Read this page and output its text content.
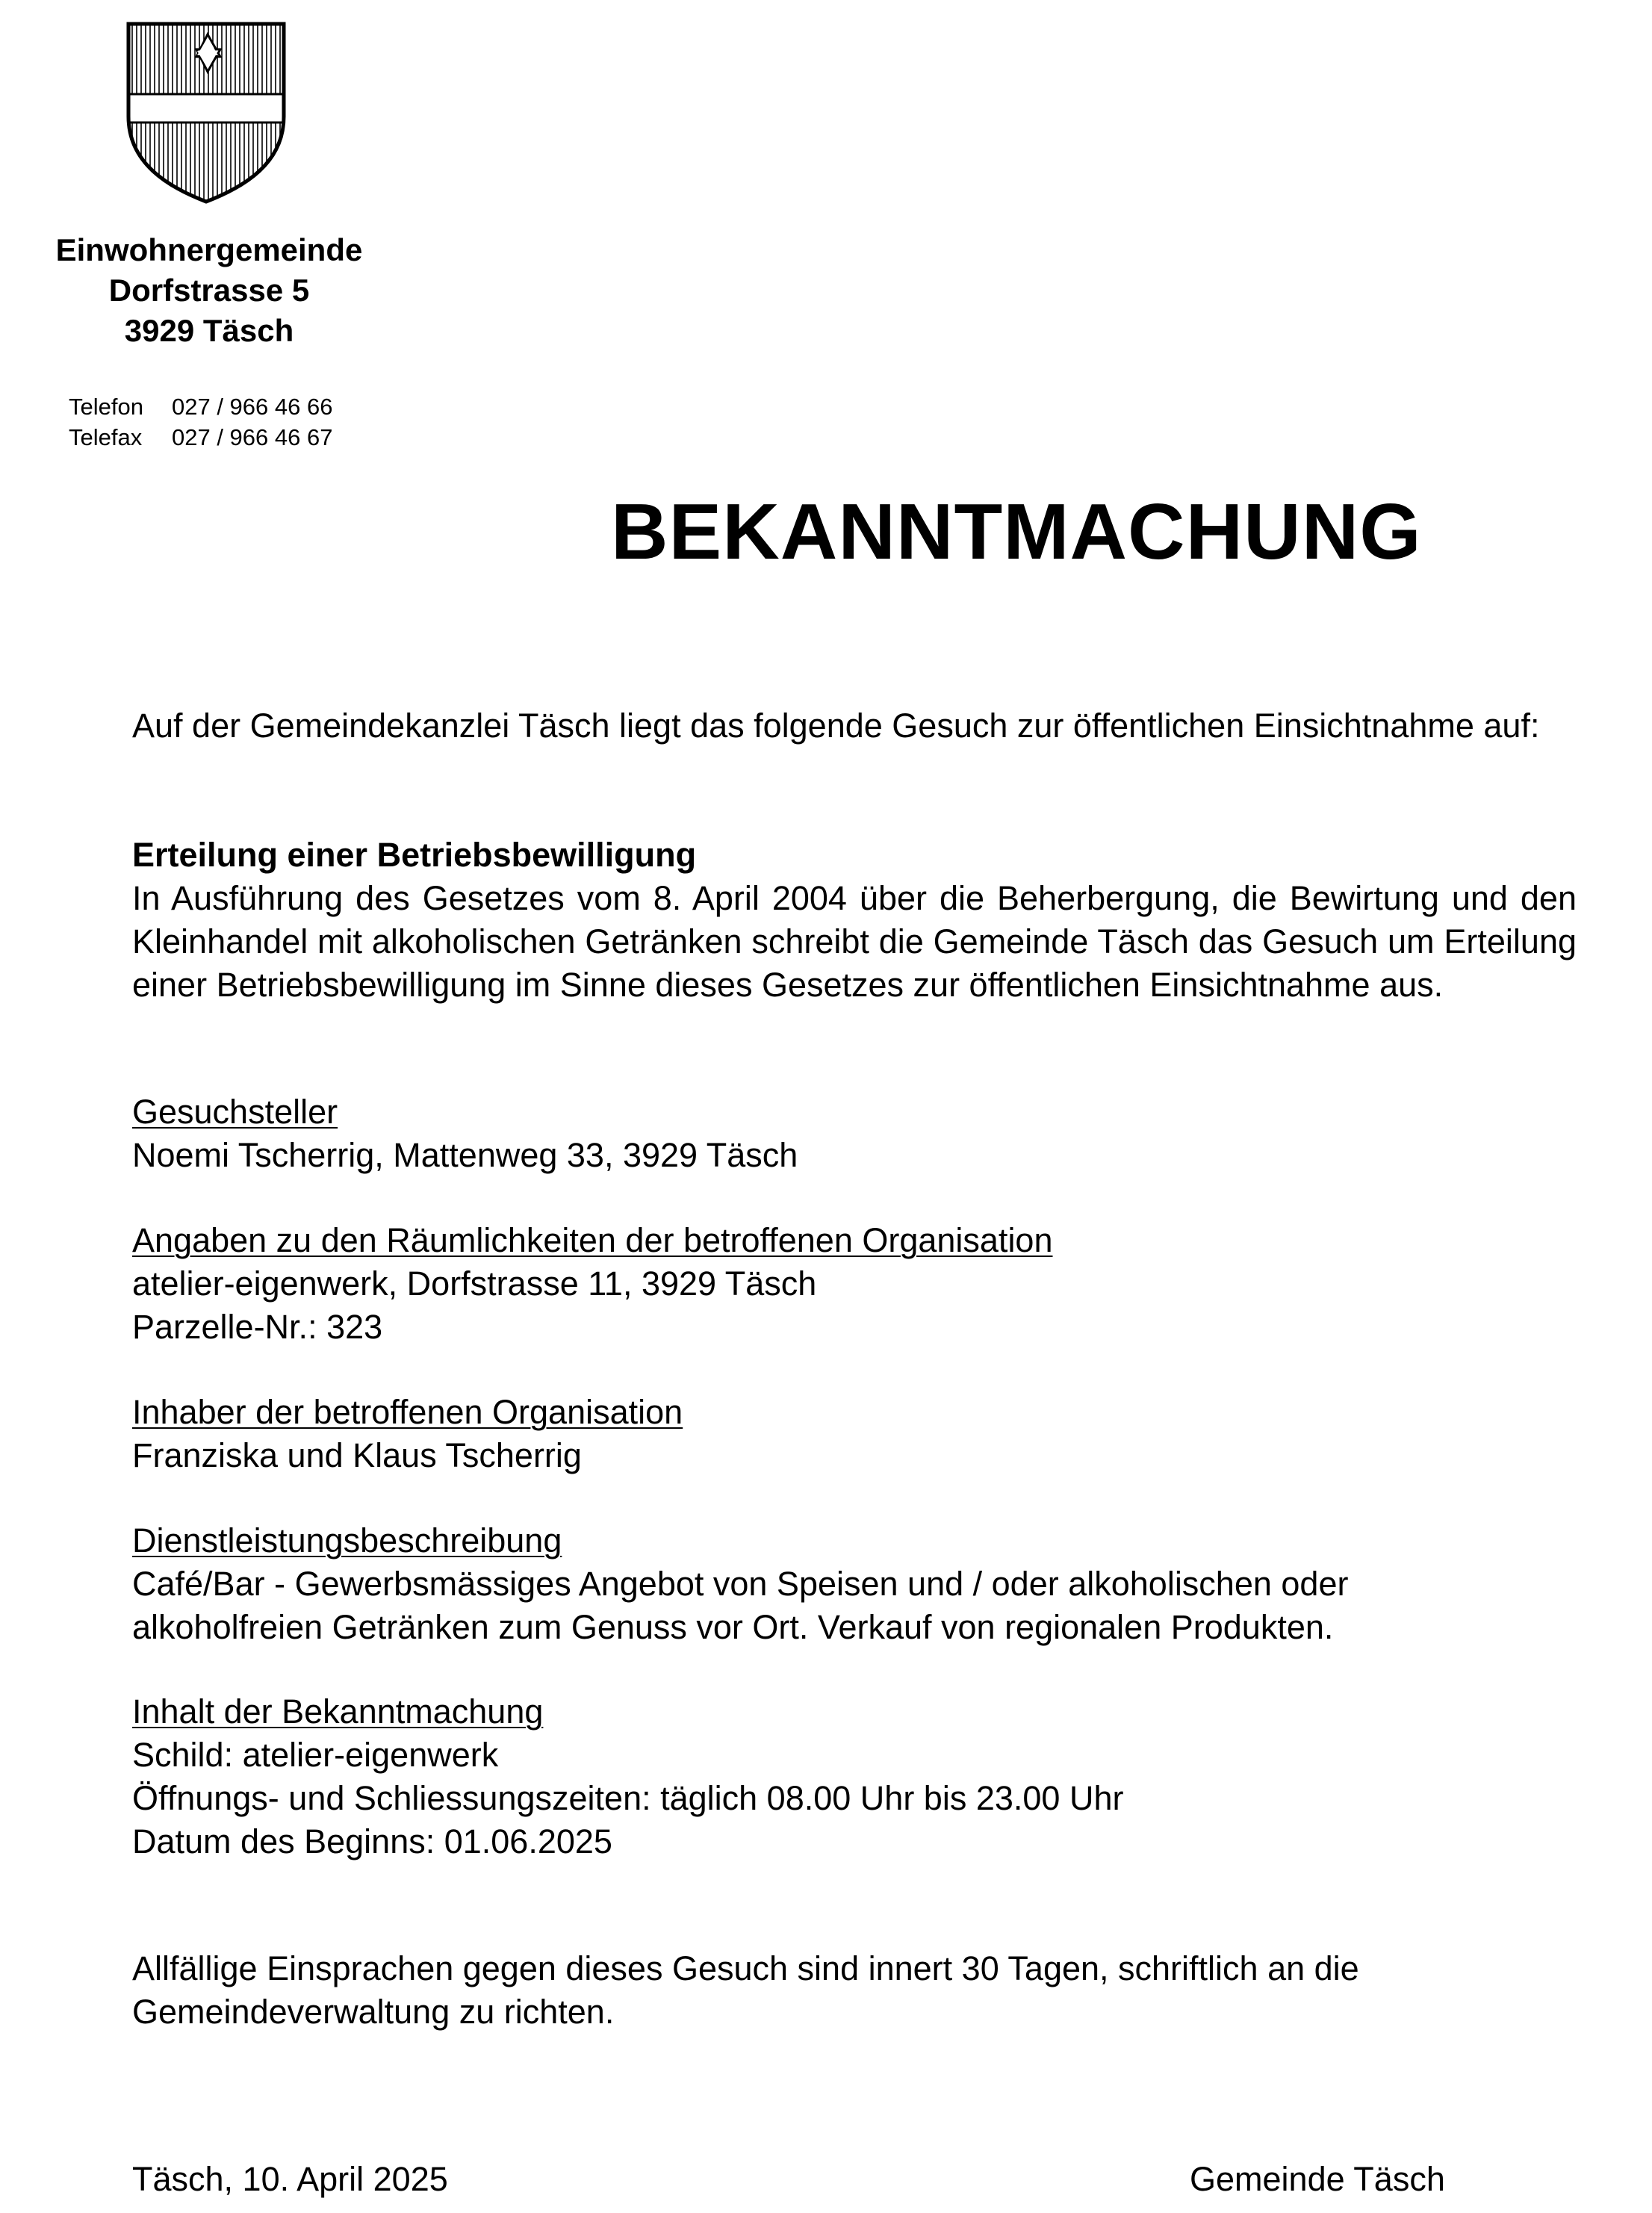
Einwohnergemeinde
Dorfstrasse 5
3929 Täsch
Telefon 027 / 966 46 66
Telefax 027 / 966 46 67
BEKANNTMACHUNG
Auf der Gemeindekanzlei Täsch liegt das folgende Gesuch zur öffentlichen Einsichtnahme auf:
Erteilung einer Betriebsbewilligung
In Ausführung des Gesetzes vom 8. April 2004 über die Beherbergung, die Bewirtung und den Kleinhandel mit alkoholischen Getränken schreibt die Gemeinde Täsch das Gesuch um Erteilung einer Betriebsbewilligung im Sinne dieses Gesetzes zur öffentlichen Einsichtnahme aus.
Gesuchsteller
Noemi Tscherrig, Mattenweg 33, 3929 Täsch
Angaben zu den Räumlichkeiten der betroffenen Organisation
atelier-eigenwerk, Dorfstrasse 11, 3929 Täsch
Parzelle-Nr.: 323
Inhaber der betroffenen Organisation
Franziska und Klaus Tscherrig
Dienstleistungsbeschreibung
Café/Bar - Gewerbsmässiges Angebot von Speisen und / oder alkoholischen oder
alkoholfreien Getränken zum Genuss vor Ort. Verkauf von regionalen Produkten.
Inhalt der Bekanntmachung
Schild: atelier-eigenwerk
Öffnungs- und Schliessungszeiten: täglich 08.00 Uhr bis 23.00 Uhr
Datum des Beginns: 01.06.2025
Allfällige Einsprachen gegen dieses Gesuch sind innert 30 Tagen, schriftlich an die
Gemeindeverwaltung zu richten.
Täsch, 10. April 2025	Gemeinde Täsch
